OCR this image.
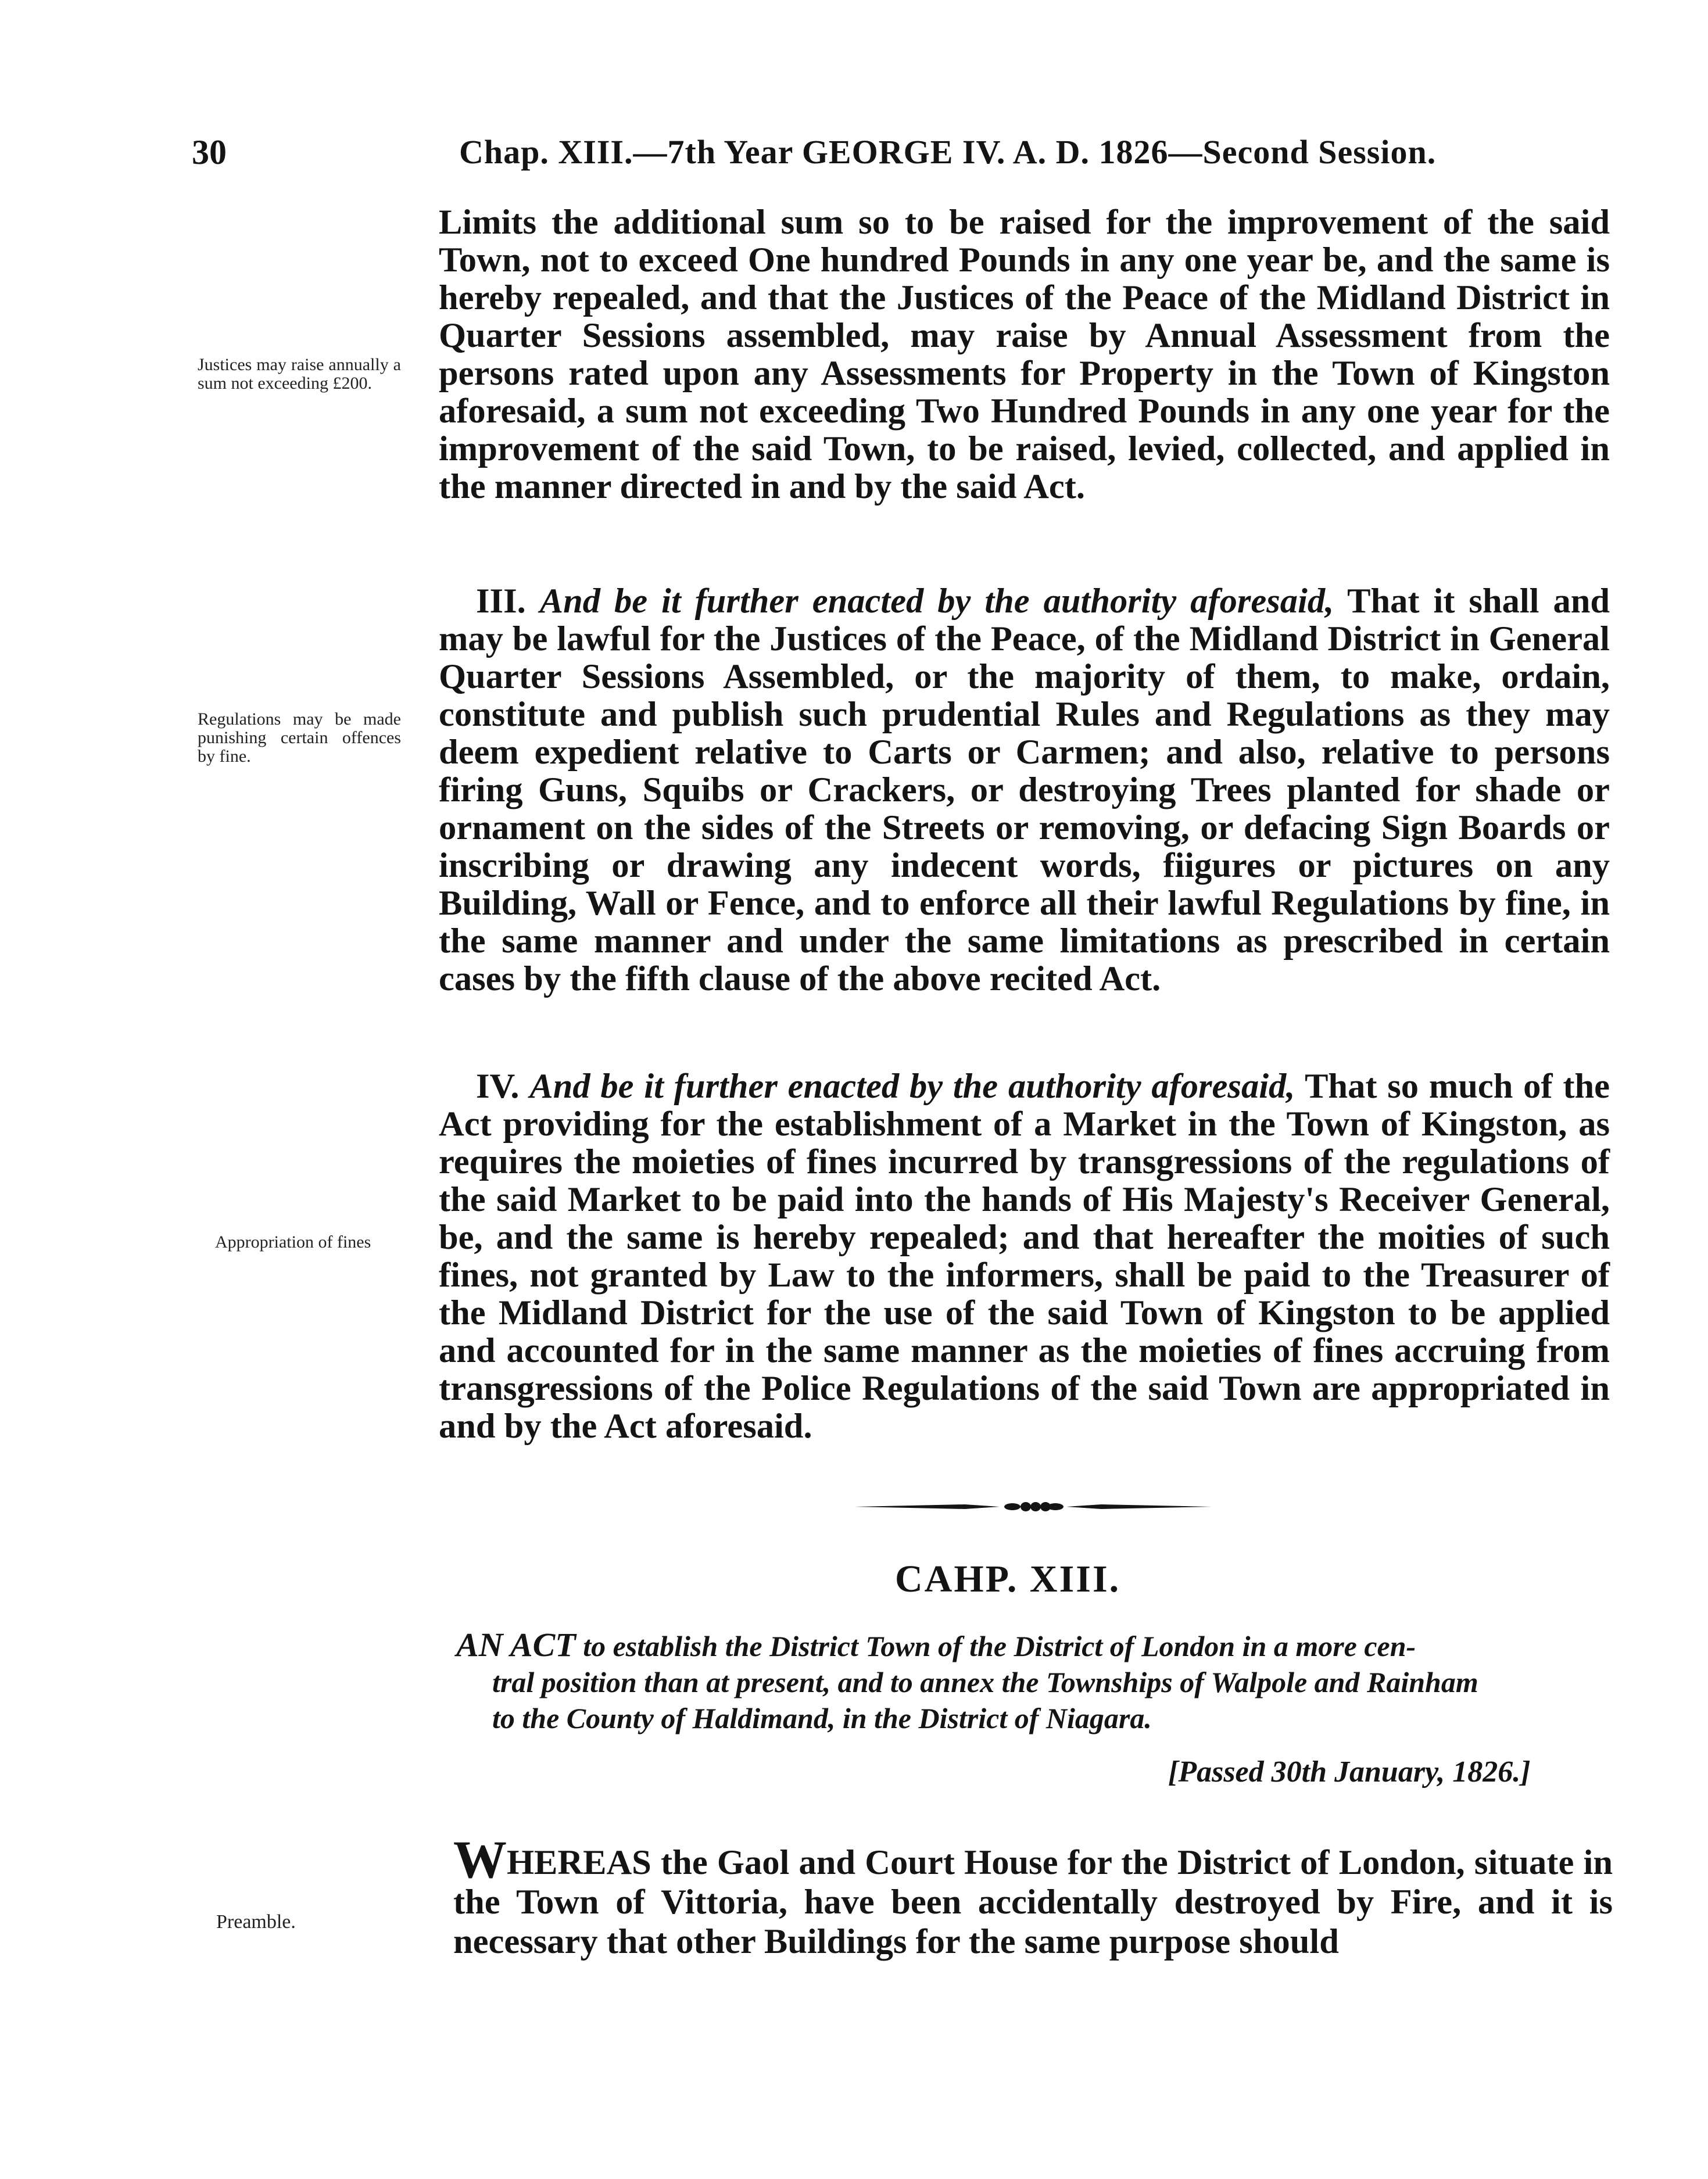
30	Chap. XIII.—7th Year GEORGE IV. A. D. 1826—Second Session.

Limits the additional sum so to be raised for the improvement of the said Town, not to exceed One hundred Pounds in any one year be, and the same is hereby repealed, and that the Justices of the Peace of the Midland District in Quarter Sessions assembled, may raise by Annual Assessment from the persons rated upon any Assessments for Property in the Town of Kingston aforesaid, a sum not exceeding Two Hundred Pounds in any one year for the improvement of the said Town, to be raised, levied, collected, and applied in the manner directed in and by the said Act.

Justices may raise annually a sum not exceeding £200.

III. And be it further enacted by the authority aforesaid, That it shall and may be lawful for the Justices of the Peace, of the Midland District in General Quarter Sessions Assembled, or the majority of them, to make, ordain, constitute and publish such prudential Rules and Regulations as they may deem expedient relative to Carts or Carmen; and also, relative to persons firing Guns, Squibs or Crackers, or destroying Trees planted for shade or ornament on the sides of the Streets or removing, or defacing Sign Boards or inscribing or drawing any indecent words, fiigures or pictures on any Building, Wall or Fence, and to enforce all their lawful Regulations by fine, in the same manner and under the same limitations as prescribed in certain cases by the fifth clause of the above recited Act.

Regulations may be made punishing certain offences by fine.

IV. And be it further enacted by the authority aforesaid, That so much of the Act providing for the establishment of a Market in the Town of Kingston, as requires the moieties of fines incurred by transgressions of the regulations of the said Market to be paid into the hands of His Majesty's Receiver General, be, and the same is hereby repealed; and that hereafter the moities of such fines, not granted by Law to the informers, shall be paid to the Treasurer of the Midland District for the use of the said Town of Kingston to be applied and accounted for in the same manner as the moieties of fines accruing from transgressions of the Police Regulations of the said Town are appropriated in and by the Act aforesaid.

Appropriation of fines
CAHP. XIII.

AN ACT to establish the District Town of the District of London in a more cen-
tral position than at present, and to annex the Townships of Walpole and Rainham
to the County of Haldimand, in the District of Niagara.

[Passed 30th January, 1826.]

WHEREAS the Gaol and Court House for the District of London, situate in the Town of Vittoria, have been accidentally destroyed by Fire, and it is necessary that other Buildings for the same purpose should

Preamble.
